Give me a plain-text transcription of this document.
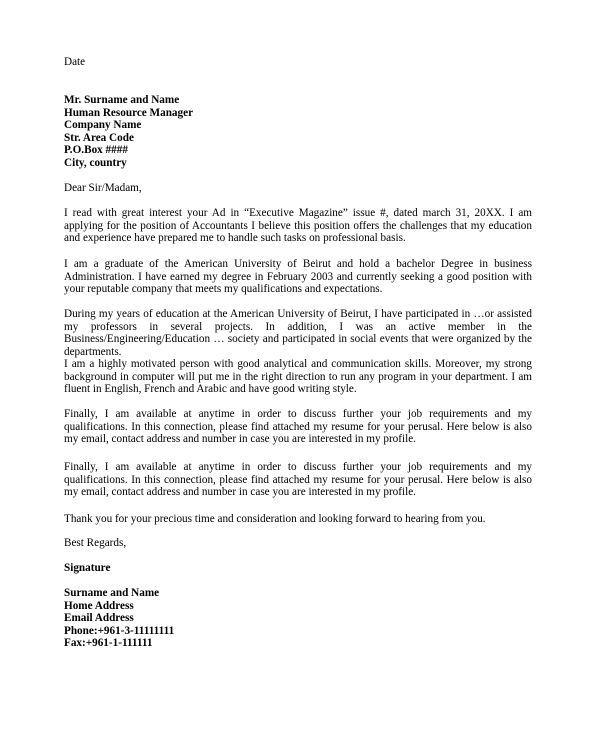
Date
Mr. Surname and Name
Human Resource Manager
Company Name
Str. Area Code
P.O.Box ####
City, country
Dear Sir/Madam,

I read with great interest your Ad in “Executive Magazine” issue #, dated march 31, 20XX. I am applying for the position of Accountants I believe this position offers the challenges that my education and experience have prepared me to handle such tasks on professional basis.

I am a graduate of the American University of Beirut and hold a bachelor Degree in business Administration. I have earned my degree in February 2003 and currently seeking a good position with your reputable company that meets my qualifications and expectations.

During my years of education at the American University of Beirut, I have participated in …or assisted my professors in several projects. In addition, I was an active member in the Business/Engineering/Education … society and participated in social events that were organized by the departments.

I am a highly motivated person with good analytical and communication skills. Moreover, my strong background in computer will put me in the right direction to run any program in your department. I am fluent in English, French and Arabic and have good writing style.

Finally, I am available at anytime in order to discuss further your job requirements and my qualifications. In this connection, please find attached my resume for your perusal. Here below is also my email, contact address and number in case you are interested in my profile.

Finally, I am available at anytime in order to discuss further your job requirements and my qualifications. In this connection, please find attached my resume for your perusal. Here below is also my email, contact address and number in case you are interested in my profile.

Thank you for your precious time and consideration and looking forward to hearing from you.
Best Regards,
Signature
Surname and Name
Home Address
Email Address
Phone:+961-3-11111111
Fax:+961-1-111111
